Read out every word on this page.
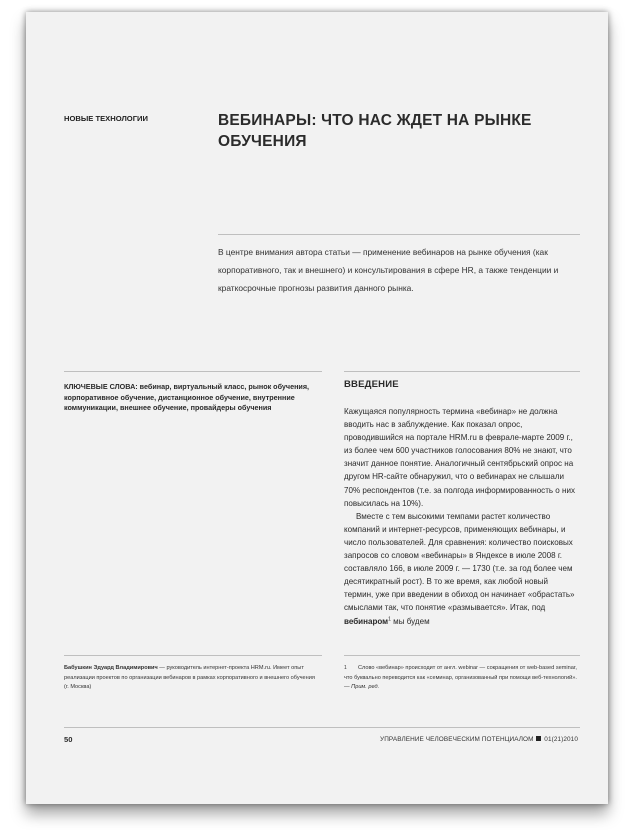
НОВЫЕ ТЕХНОЛОГИИ	ВЕБИНАРЫ: ЧТО НАС ЖДЕТ НА РЫНКЕ ОБУЧЕНИЯ
В центре внимания автора статьи — применение вебинаров на рынке обучения (как корпоративного, так и внешнего) и консультирования в сфере HR, а также тенденции и краткосрочные прогнозы развития данного рынка.
КЛЮЧЕВЫЕ СЛОВА: вебинар, виртуальный класс, рынок обучения, корпоративное обучение, дистанционное обучение, внутренние коммуникации, внешнее обучение, провайдеры обучения
ВВЕДЕНИЕ

Кажущаяся популярность термина «вебинар» не должна вводить нас в заблуждение. Как показал опрос, проводившийся на портале HRM.ru в феврале-марте 2009 г., из более чем 600 участников голосования 80% не знают, что значит данное понятие. Аналогичный сентябрьский опрос на другом HR-сайте обнаружил, что о вебинарах не слышали 70% респондентов (т.е. за полгода информированность о них повысилась на 10%).

Вместе с тем высокими темпами растет количество компаний и интернет-ресурсов, применяющих вебинары, и число пользователей. Для сравнения: количество поисковых запросов со словом «вебинары» в Яндексе в июле 2008 г. составляло 166, в июле 2009 г. — 1730 (т.е. за год более чем десятикратный рост). В то же время, как любой новый термин, уже при введении в обиход он начинает «обрастать» смыслами так, что понятие «размывается». Итак, под вебинаром$^1$ мы будем

Бабушкин Эдуард Владимирович — руководитель интернет-проекта HRM.ru. Имеет опыт реализации проектов по организации вебинаров в рамках корпоративного и внешнего обучения (г. Москва)
1 Слово «вебинар» происходит от англ. webinar — сокращения от web-based seminar, что буквально переводится как «семинар, организованный при помощи веб-технологий». — Прим. ред.
50	УПРАВЛЕНИЕ ЧЕЛОВЕЧЕСКИМ ПОТЕНЦИАЛОМ 01(21)2010
